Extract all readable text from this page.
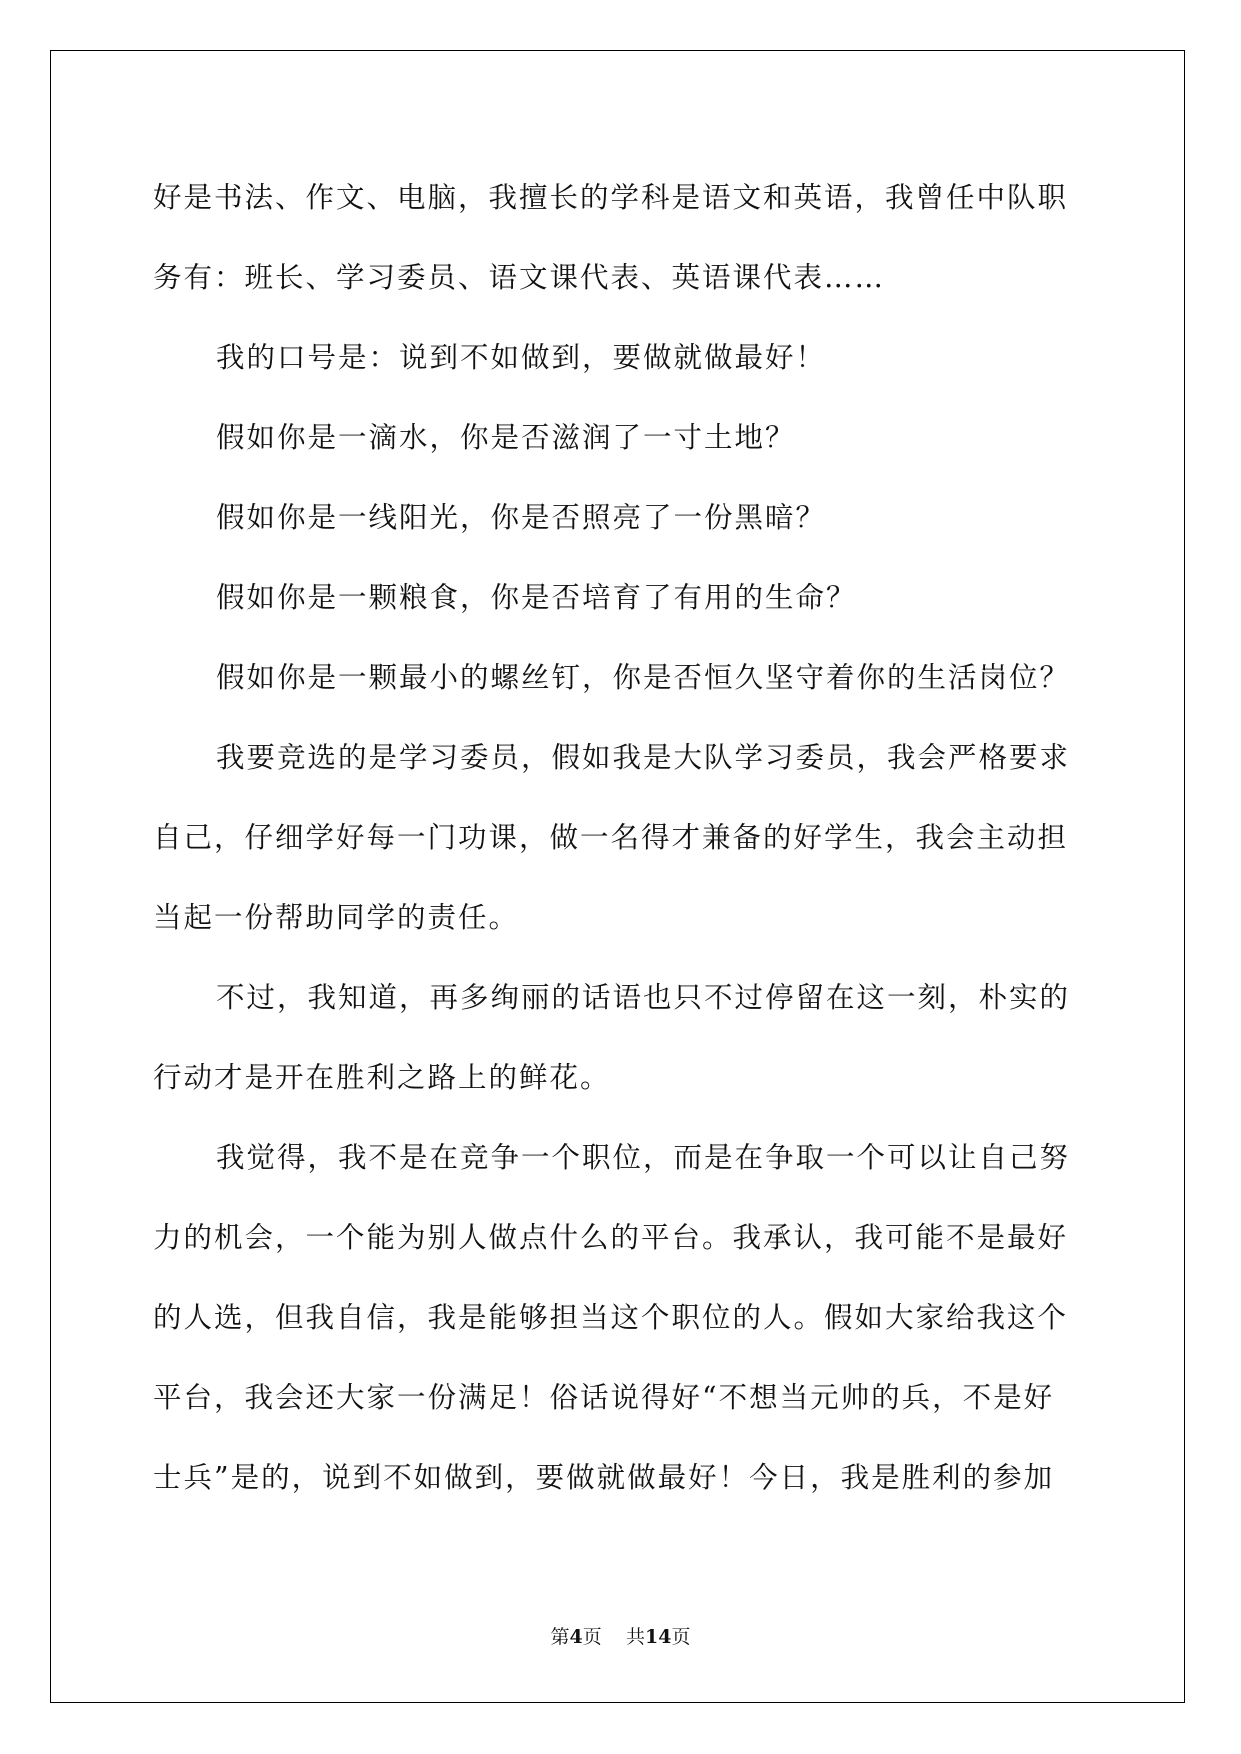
好是书法、作文、电脑，我擅长的学科是语文和英语，我曾任中队职

务有：班长、学习委员、语文课代表、英语课代表……

我的口号是：说到不如做到，要做就做最好！

假如你是一滴水，你是否滋润了一寸土地？

假如你是一线阳光，你是否照亮了一份黑暗？

假如你是一颗粮食，你是否培育了有用的生命？

假如你是一颗最小的螺丝钉，你是否恒久坚守着你的生活岗位？

我要竞选的是学习委员，假如我是大队学习委员，我会严格要求

自己，仔细学好每一门功课，做一名得才兼备的好学生，我会主动担

当起一份帮助同学的责任。

不过，我知道，再多绚丽的话语也只不过停留在这一刻，朴实的

行动才是开在胜利之路上的鲜花。

我觉得，我不是在竞争一个职位，而是在争取一个可以让自己努

力的机会，一个能为别人做点什么的平台。我承认，我可能不是最好

的人选，但我自信，我是能够担当这个职位的人。假如大家给我这个

平台，我会还大家一份满足！俗话说得好“不想当元帅的兵，不是好

士兵”是的，说到不如做到，要做就做最好！今日，我是胜利的参加

第4页 共14页
